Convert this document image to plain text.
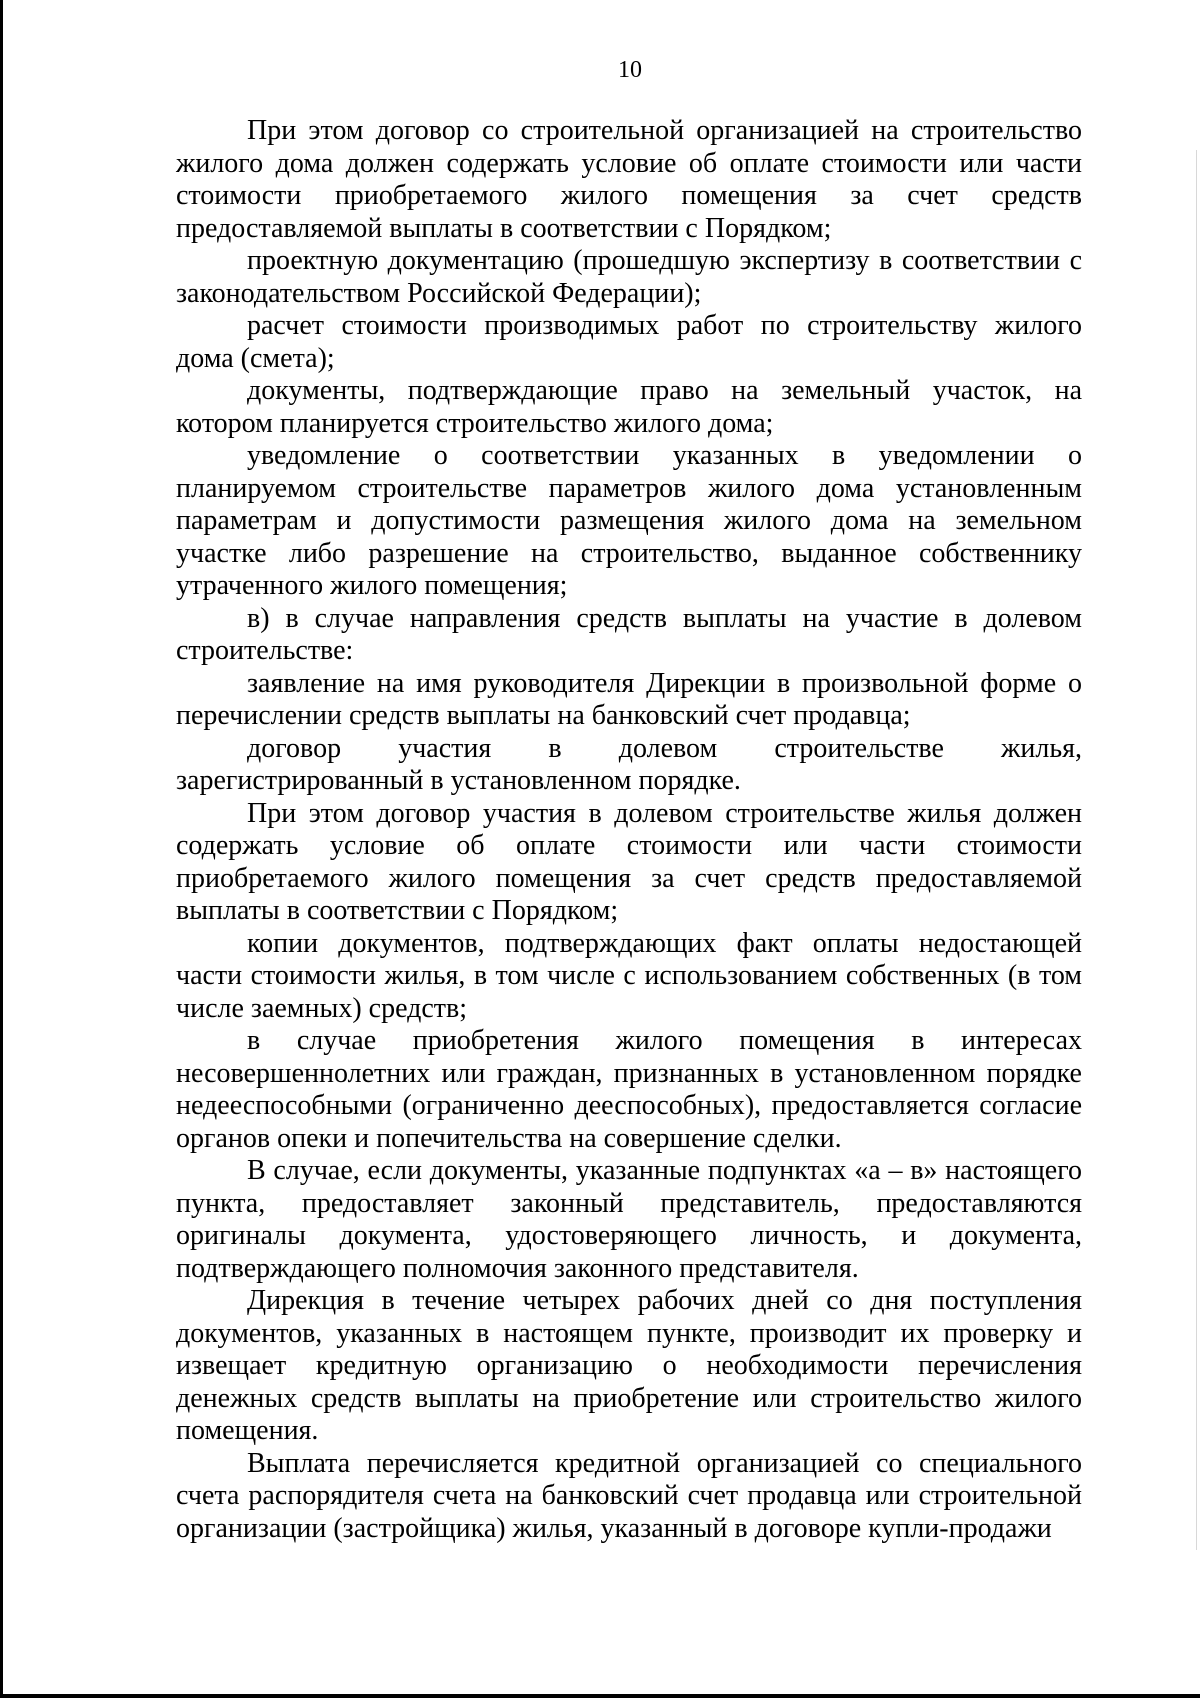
10

При этом договор со строительной организацией на строительство жилого дома должен содержать условие об оплате стоимости или части стоимости приобретаемого жилого помещения за счет средств предоставляемой выплаты в соответствии с Порядком;

проектную документацию (прошедшую экспертизу в соответствии с законодательством Российской Федерации);

расчет стоимости производимых работ по строительству жилого дома (смета);

документы, подтверждающие право на земельный участок, на котором планируется строительство жилого дома;

уведомление о соответствии указанных в уведомлении о планируемом строительстве параметров жилого дома установленным параметрам и допустимости размещения жилого дома на земельном участке либо разрешение на строительство, выданное собственнику утраченного жилого помещения;

в) в случае направления средств выплаты на участие в долевом строительстве:

заявление на имя руководителя Дирекции в произвольной форме о перечислении средств выплаты на банковский счет продавца;

договор участия в долевом строительстве жилья, зарегистрированный в установленном порядке.

При этом договор участия в долевом строительстве жилья должен содержать условие об оплате стоимости или части стоимости приобретаемого жилого помещения за счет средств предоставляемой выплаты в соответствии с Порядком;

копии документов, подтверждающих факт оплаты недостающей части стоимости жилья, в том числе с использованием собственных (в том числе заемных) средств;

в случае приобретения жилого помещения в интересах несовершеннолетних или граждан, признанных в установленном порядке недееспособными (ограниченно дееспособных), предоставляется согласие органов опеки и попечительства на совершение сделки.

В случае, если документы, указанные подпунктах «а – в» настоящего пункта, предоставляет законный представитель, предоставляются оригиналы документа, удостоверяющего личность, и документа, подтверждающего полномочия законного представителя.

Дирекция в течение четырех рабочих дней со дня поступления документов, указанных в настоящем пункте, производит их проверку и извещает кредитную организацию о необходимости перечисления денежных средств выплаты на приобретение или строительство жилого помещения.

Выплата перечисляется кредитной организацией со специального счета распорядителя счета на банковский счет продавца или строительной организации (застройщика) жилья, указанный в договоре купли-продажи
